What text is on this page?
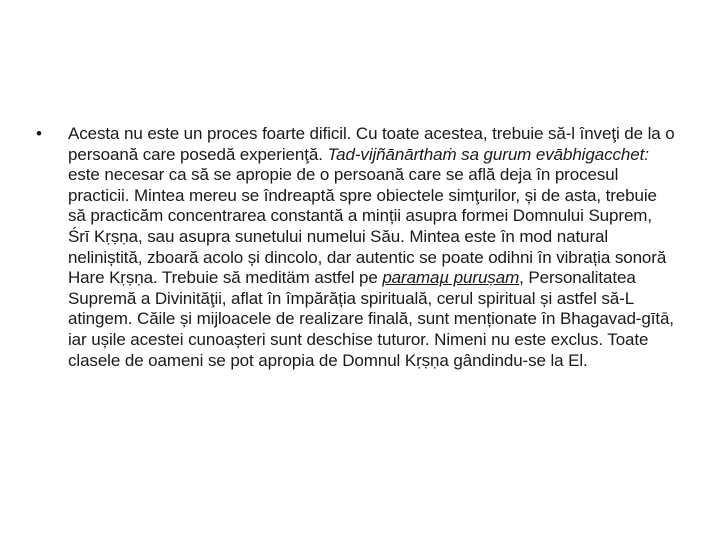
• Acesta nu este un proces foarte dificil. Cu toate acestea, trebuie să-l înveţi de la o persoană care posedă experienţă. Tad-vijñānārthaṁ sa gurum evābhigacchet: este necesar ca să se apropie de o persoană care se află deja în procesul practicii. Mintea mereu se îndreaptă spre obiectele simţurilor, și de asta, trebuie să practicăm concentrarea constantă a minții asupra formei Domnului Suprem, Śrī Kṛṣṇa, sau asupra sunetului numelui Său. Mintea este în mod natural neliniștită, zboară acolo și dincolo, dar autentic se poate odihni în vibrația sonoră Hare Kṛṣṇa. Trebuie să meditäm astfel pe paramaµ puruṣam, Personalitatea Supremă a Divinităţii, aflat în împărăția spirituală, cerul spiritual și astfel să-L atingem. Căile și mijloacele de realizare finală, sunt menționate în Bhagavad-gītā, iar ușile acestei cunoașteri sunt deschise tuturor. Nimeni nu este exclus. Toate clasele de oameni se pot apropia de Domnul Kṛṣṇa gândindu-se la El.
